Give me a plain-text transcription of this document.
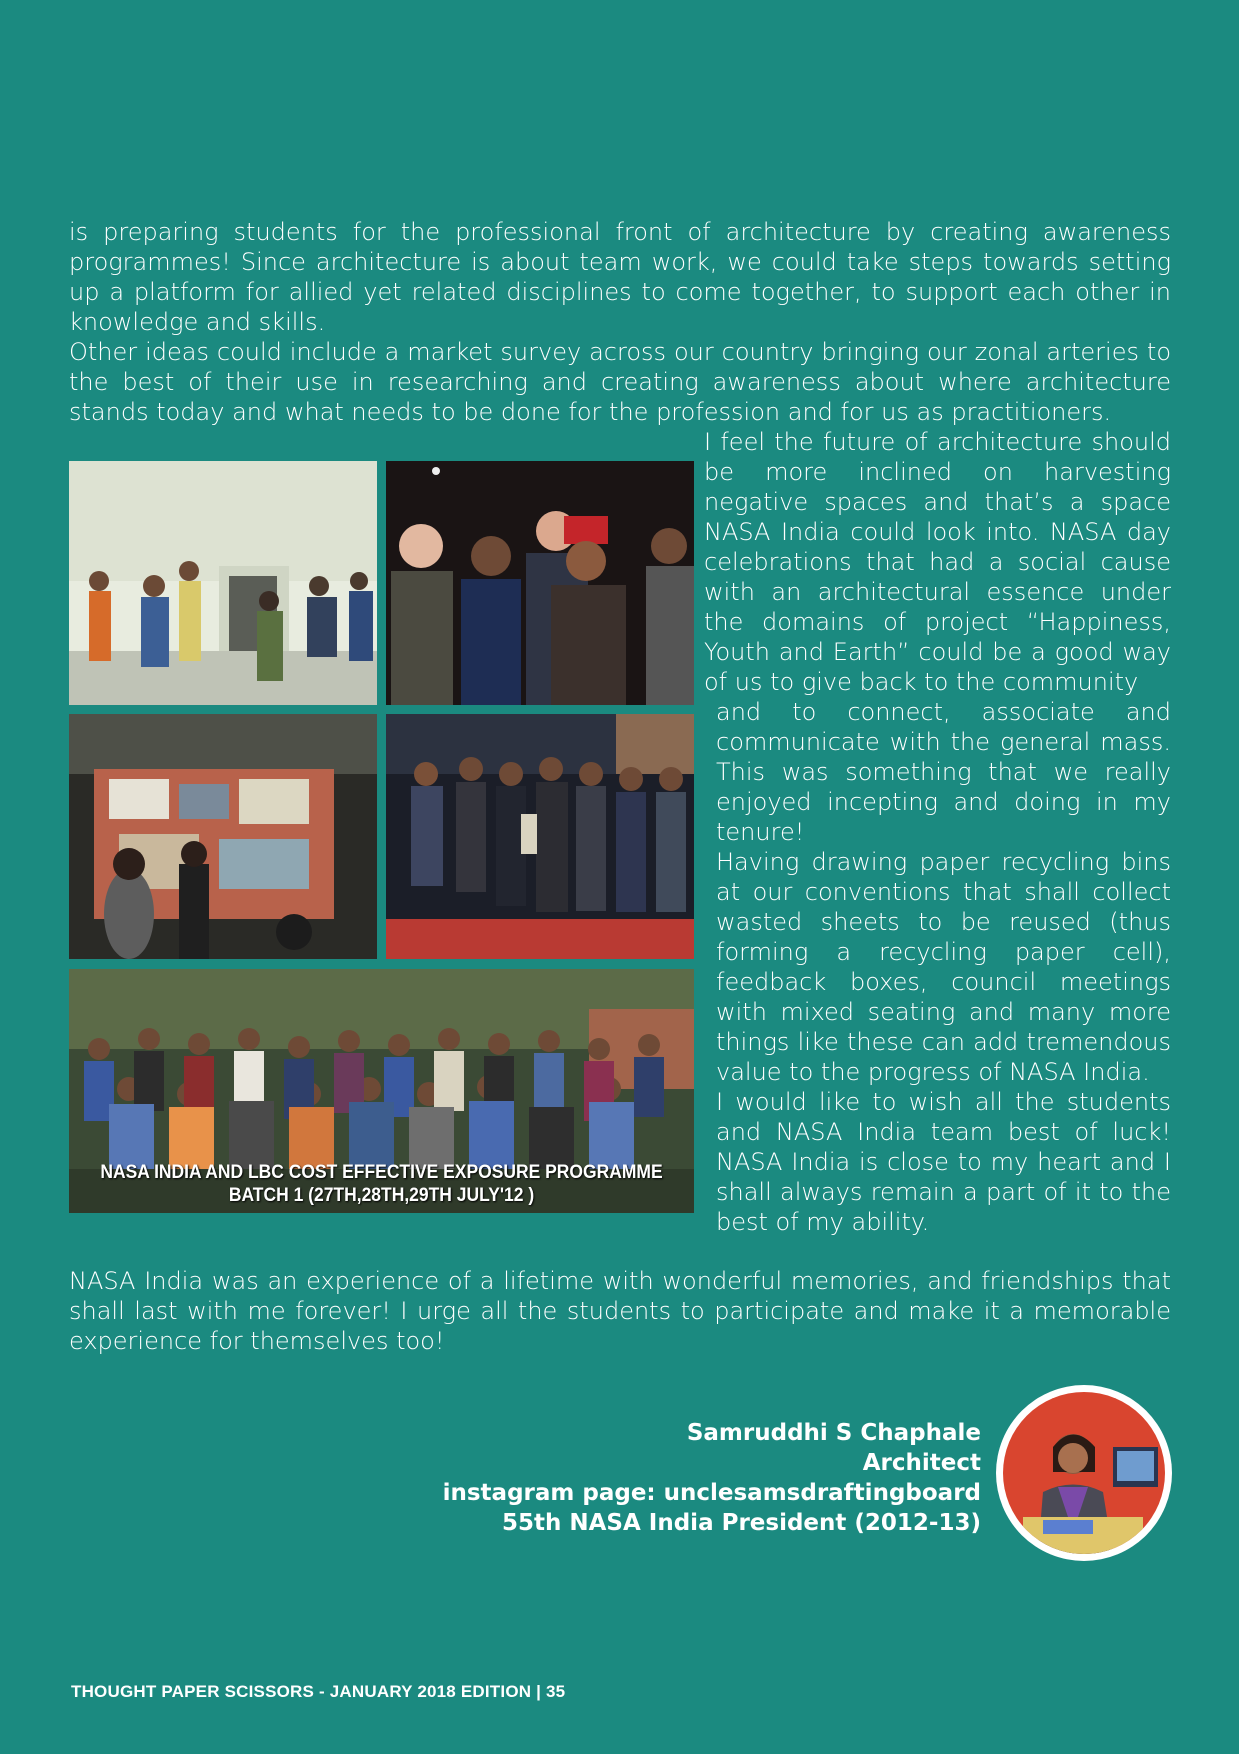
is preparing students for the professional front of architecture by creating awareness programmes! Since architecture is about team work, we could take steps towards setting up a platform for allied yet related disciplines to come together, to support each other in knowledge and skills.

Other ideas could include a market survey across our country bringing our zonal arteries to the best of their use in researching and creating awareness about where architecture stands today and what needs to be done for the profession and for us as practitioners.

I feel the future of architecture should be more inclined on harvesting negative spaces and that’s a space NASA India could look into. NASA day celebrations that had a social cause with an architectural essence under the domains of project “Happiness, Youth and Earth” could be a good way of us to give back to the community

and to connect, associate and communicate with the general mass. This was something that we really enjoyed incepting and doing in my tenure!

Having drawing paper recycling bins at our conventions that shall collect wasted sheets to be reused (thus forming a recycling paper cell), feedback boxes, council meetings with mixed seating and many more things like these can add tremendous value to the progress of NASA India.

I would like to wish all the students and NASA India team best of luck! NASA India is close to my heart and I shall always remain a part of it to the best of my ability.

NASA India was an experience of a lifetime with wonderful memories, and friendships that shall last with me forever! I urge all the students to participate and make it a memorable experience for themselves too!

NASA INDIA AND LBC COST EFFECTIVE EXPOSURE PROGRAMME
BATCH 1 (27TH,28TH,29TH JULY'12 )
Samruddhi S Chaphale
Architect
instagram page: unclesamsdraftingboard
55th NASA India President (2012-13)
THOUGHT PAPER SCISSORS - JANUARY 2018 EDITION | 35
